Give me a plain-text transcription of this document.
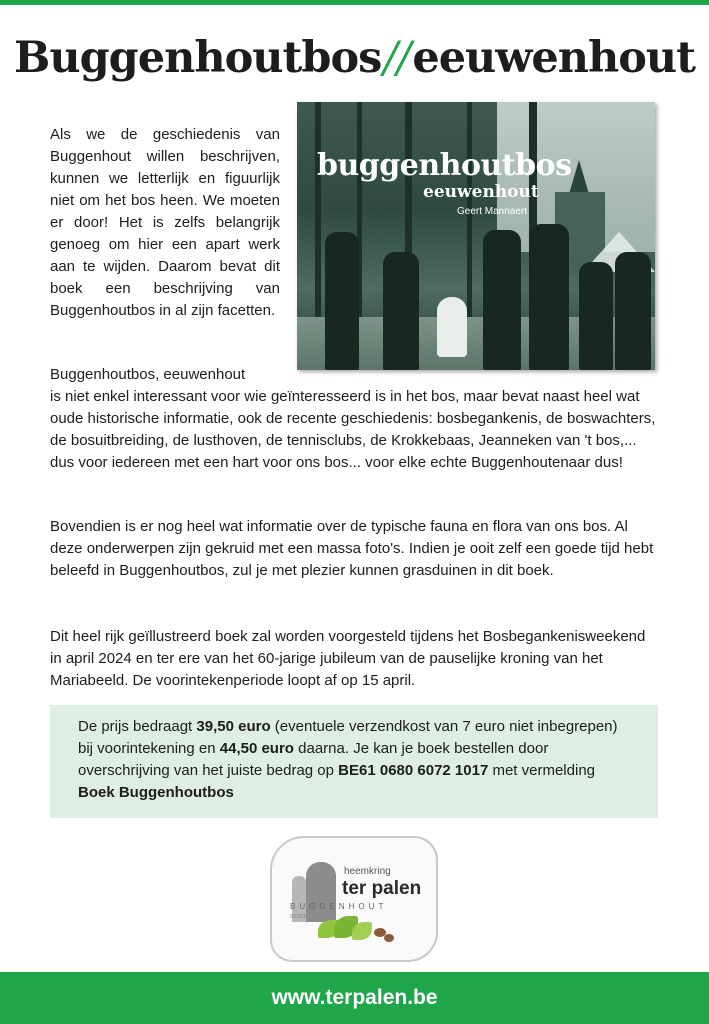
Buggenhoutbos//eeuwenhout
buggenhoutbos
eeuwenhout
Geert Mannaert
Als we de geschiedenis van Buggenhout willen beschrijven, kunnen we letterlijk en figuurlijk niet om het bos heen. We moeten er door! Het is zelfs belangrijk genoeg om hier een apart werk aan te wijden. Daarom bevat dit boek een beschrijving van Buggenhoutbos in al zijn facetten.
Buggenhoutbos, eeuwenhout
is niet enkel interessant voor wie geïnteresseerd is in het bos, maar bevat naast heel wat oude historische informatie, ook de recente geschiedenis: bosbegankenis, de boswachters, de bosuitbreiding, de lusthoven, de tennisclubs, de Krokkebaas, Jeanneken van 't bos,... dus voor iedereen met een hart voor ons bos... voor elke echte Buggenhoutenaar dus!
Bovendien is er nog heel wat informatie over de typische fauna en flora van ons bos. Al deze onderwerpen zijn gekruid met een massa foto's. Indien je ooit zelf een goede tijd hebt beleefd in Buggenhoutbos, zul je met plezier kunnen grasduinen in dit boek.
Dit heel rijk geïllustreerd boek zal worden voorgesteld tijdens het Bosbegankenisweekend in april 2024 en ter ere van het 60-jarige jubileum van de pauselijke kroning van het Mariabeeld. De voorintekenperiode loopt af op 15 april.
De prijs bedraagt 39,50 euro (eventuele verzendkost van 7 euro niet inbegrepen) bij voorintekening en 44,50 euro daarna. Je kan je boek bestellen door overschrijving van het juiste bedrag op BE61 0680 6072 1017 met vermelding Boek Buggenhoutbos
heemkring
ter palen
BUGGENHOUT
SEDERT 1974
www.terpalen.be
